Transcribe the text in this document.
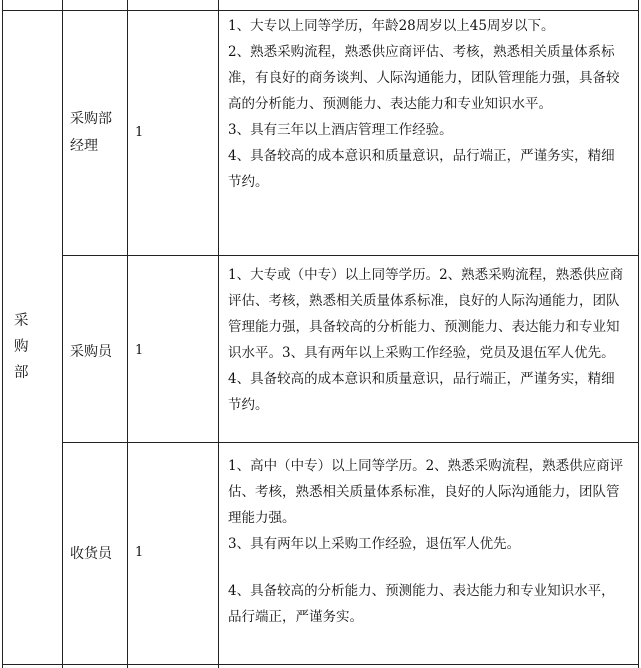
采购部
采购部经理
1

1、大专以上同等学历，年龄28周岁以上45周岁以下。

2、熟悉采购流程，熟悉供应商评估、考核，熟悉相关质量体系标准，有良好的商务谈判、人际沟通能力，团队管理能力强，具备较高的分析能力、预测能力、表达能力和专业知识水平。

3、具有三年以上酒店管理工作经验。

4、具备较高的成本意识和质量意识，品行端正，严谨务实，精细节约。

采购员	1

1、大专或（中专）以上同等学历。2、熟悉采购流程，熟悉供应商评估、考核，熟悉相关质量体系标准，良好的人际沟通能力，团队管理能力强，具备较高的分析能力、预测能力、表达能力和专业知识水平。3、具有两年以上采购工作经验，党员及退伍军人优先。4、具备较高的成本意识和质量意识，品行端正，严谨务实，精细节约。

收货员	1

1、高中（中专）以上同等学历。2、熟悉采购流程，熟悉供应商评估、考核，熟悉相关质量体系标准，良好的人际沟通能力，团队管理能力强。

3、具有两年以上采购工作经验，退伍军人优先。

4、具备较高的分析能力、预测能力、表达能力和专业知识水平，品行端正，严谨务实。
